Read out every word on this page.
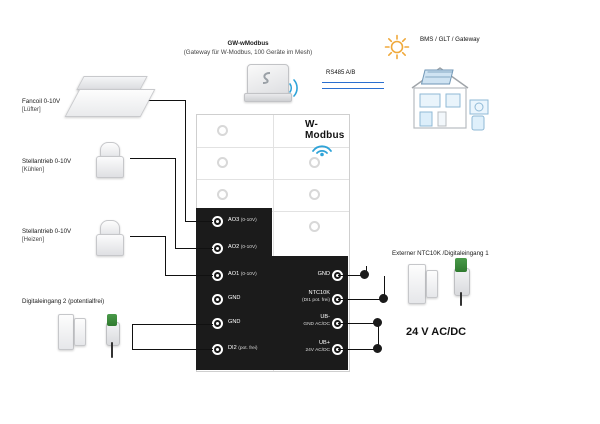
W-Modbus
AO3 (0-10V)
AO2 (0-10V)
AO1 (0-10V)
GND
GND
DI2 (pot. frei)
GND
NTC10K
(DI1 pot. frei)
UB-
GND AC/DC
UB+
24V AC/DC
Fancoil 0-10V
[Lüfter]
Stellantrieb 0-10V
[Kühlen]
Stellantrieb 0-10V
[Heizen]
Digitaleingang 2 (potentialfrei)
GW-wModbus
(Gateway für W-Modbus, 100 Geräte im Mesh)
RS485 A/B
BMS / GLT / Gateway
Externer NTC10K /Digitaleingang 1
24 V AC/DC
